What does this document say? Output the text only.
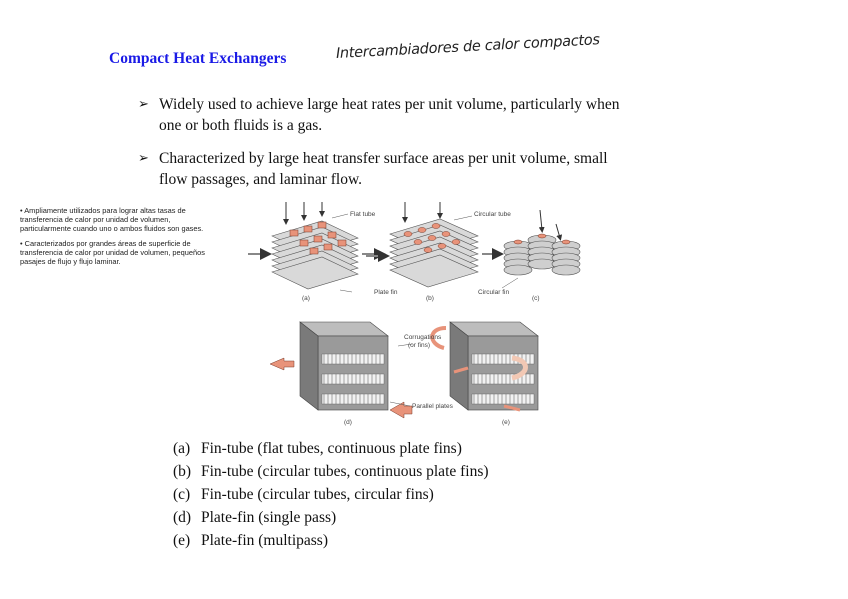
Compact Heat Exchangers	Intercambiadores de calor compactos
➢ Widely used to achieve large heat rates per unit volume, particularly when
one or both fluids is a gas.
➢ Characterized by large heat transfer surface areas per unit volume, small
flow passages, and laminar flow.

• Ampliamente utilizados para lograr altas tasas de transferencia de calor por unidad de volumen, particularmente cuando uno o ambos fluidos son gases.

• Caracterizados por grandes áreas de superficie de transferencia de calor por unidad de volumen, pequeños pasajes de flujo y flujo laminar.

Flat tube
Plate fin
(a)
Circular tube
(b)
Circular fin
(c)
(d)	(e)
Corrugations
(or fins)
Parallel plates
(a) Fin-tube (flat tubes, continuous plate fins)
(b) Fin-tube (circular tubes, continuous plate fins)
(c) Fin-tube (circular tubes, circular fins)
(d) Plate-fin (single pass)
(e) Plate-fin (multipass)
